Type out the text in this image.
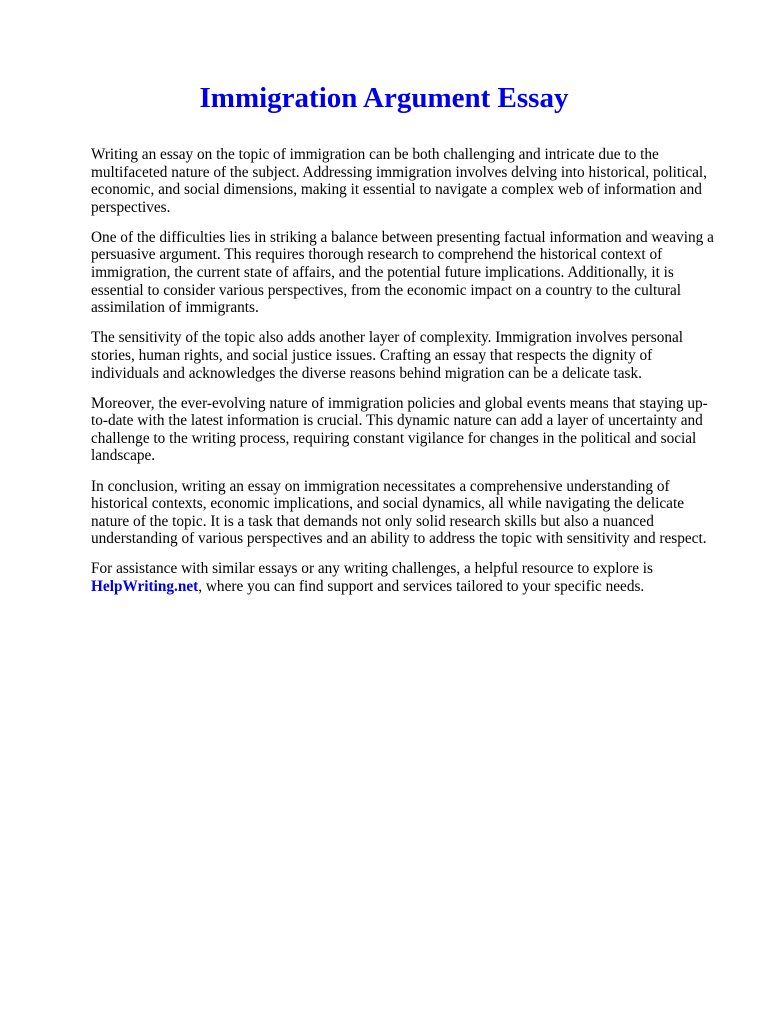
Immigration Argument Essay

Writing an essay on the topic of immigration can be both challenging and intricate due to the multifaceted nature of the subject. Addressing immigration involves delving into historical, political, economic, and social dimensions, making it essential to navigate a complex web of information and perspectives.

One of the difficulties lies in striking a balance between presenting factual information and weaving a persuasive argument. This requires thorough research to comprehend the historical context of immigration, the current state of affairs, and the potential future implications. Additionally, it is essential to consider various perspectives, from the economic impact on a country to the cultural assimilation of immigrants.

The sensitivity of the topic also adds another layer of complexity. Immigration involves personal stories, human rights, and social justice issues. Crafting an essay that respects the dignity of individuals and acknowledges the diverse reasons behind migration can be a delicate task.

Moreover, the ever-evolving nature of immigration policies and global events means that staying up-to-date with the latest information is crucial. This dynamic nature can add a layer of uncertainty and challenge to the writing process, requiring constant vigilance for changes in the political and social landscape.

In conclusion, writing an essay on immigration necessitates a comprehensive understanding of historical contexts, economic implications, and social dynamics, all while navigating the delicate nature of the topic. It is a task that demands not only solid research skills but also a nuanced understanding of various perspectives and an ability to address the topic with sensitivity and respect.

For assistance with similar essays or any writing challenges, a helpful resource to explore is HelpWriting.net, where you can find support and services tailored to your specific needs.
